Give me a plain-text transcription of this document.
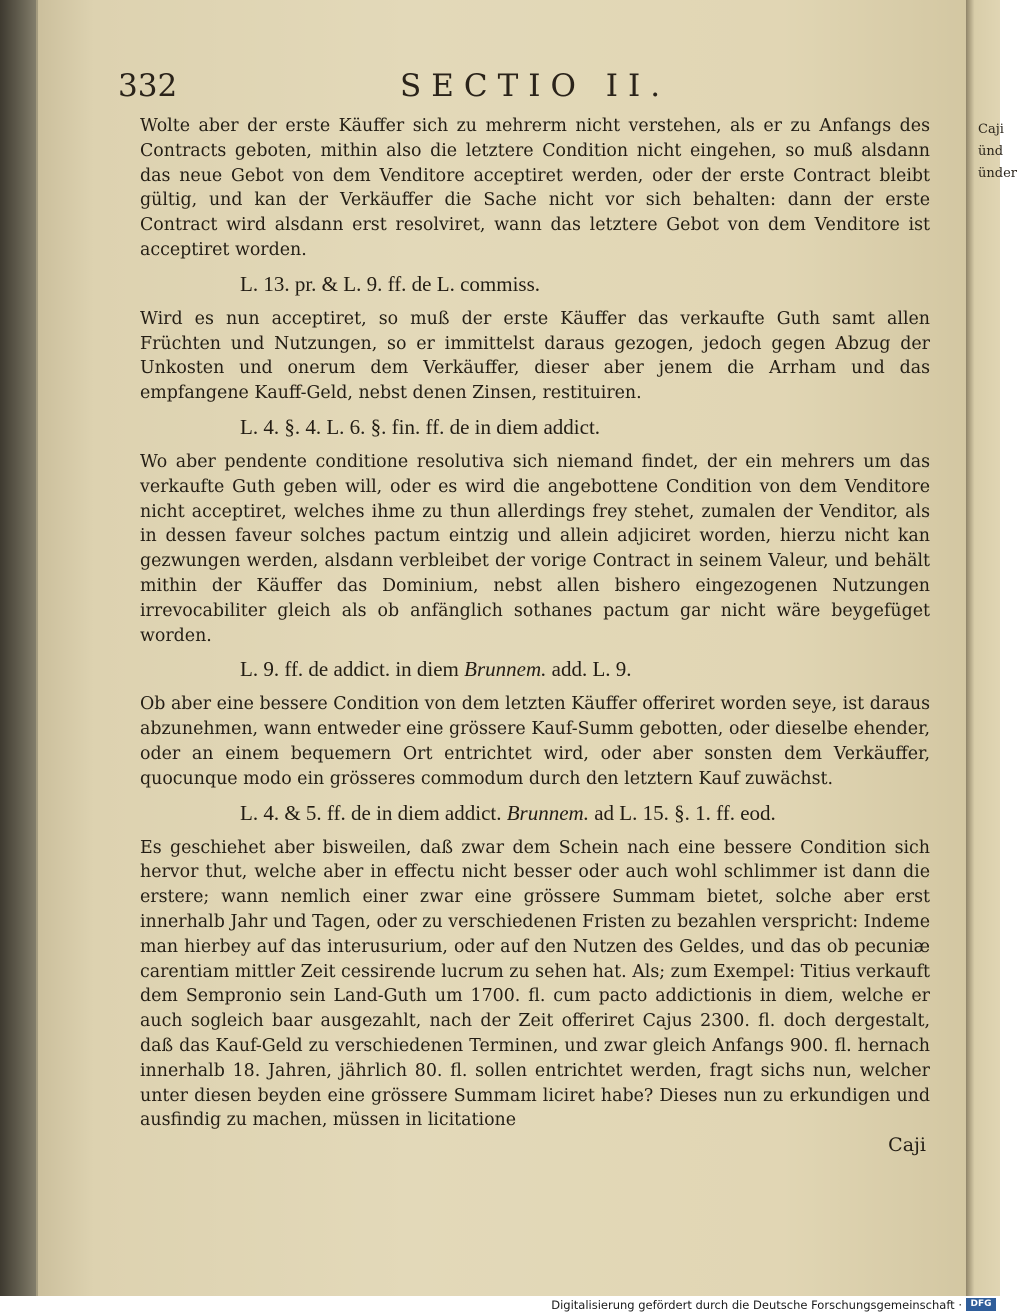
Caji
ünd
ünder
332	SECTIO II.

Wolte aber der erste Käuffer sich zu mehrerm nicht verstehen, als er zu Anfangs des Contracts geboten, mithin also die letztere Condition nicht eingehen, so muß alsdann das neue Gebot von dem Venditore acceptiret werden, oder der erste Contract bleibt gültig, und kan der Verkäuffer die Sache nicht vor sich behalten: dann der erste Contract wird alsdann erst resolviret, wann das letztere Gebot von dem Venditore ist acceptiret worden.

L. 13. pr. & L. 9. ff. de L. commiss.

Wird es nun acceptiret, so muß der erste Käuffer das verkaufte Guth samt allen Früchten und Nutzungen, so er immittelst daraus gezogen, jedoch gegen Abzug der Unkosten und onerum dem Verkäuffer, dieser aber jenem die Arrham und das empfangene Kauff-Geld, nebst denen Zinsen, restituiren.

L. 4. §. 4. L. 6. §. fin. ff. de in diem addict.

Wo aber pendente conditione resolutiva sich niemand findet, der ein mehrers um das verkaufte Guth geben will, oder es wird die angebottene Condition von dem Venditore nicht acceptiret, welches ihme zu thun allerdings frey stehet, zumalen der Venditor, als in dessen faveur solches pactum eintzig und allein adjiciret worden, hierzu nicht kan gezwungen werden, alsdann verbleibet der vorige Contract in seinem Valeur, und behält mithin der Käuffer das Dominium, nebst allen bishero eingezogenen Nutzungen irrevocabiliter gleich als ob anfänglich sothanes pactum gar nicht wäre beygefüget worden.

L. 9. ff. de addict. in diem Brunnem. add. L. 9.

Ob aber eine bessere Condition von dem letzten Käuffer offeriret worden seye, ist daraus abzunehmen, wann entweder eine grössere Kauf-Summ gebotten, oder dieselbe ehender, oder an einem bequemern Ort entrichtet wird, oder aber sonsten dem Verkäuffer, quocunque modo ein grösseres commodum durch den letztern Kauf zuwächst.

L. 4. & 5. ff. de in diem addict. Brunnem. ad L. 15. §. 1. ff. eod.

Es geschiehet aber bisweilen, daß zwar dem Schein nach eine bessere Condition sich hervor thut, welche aber in effectu nicht besser oder auch wohl schlimmer ist dann die erstere; wann nemlich einer zwar eine grössere Summam bietet, solche aber erst innerhalb Jahr und Tagen, oder zu verschiedenen Fristen zu bezahlen verspricht: Indeme man hierbey auf das interusurium, oder auf den Nutzen des Geldes, und das ob pecuniæ carentiam mittler Zeit cessirende lucrum zu sehen hat. Als; zum Exempel: Titius verkauft dem Sempronio sein Land-Guth um 1700. fl. cum pacto addictionis in diem, welche er auch sogleich baar ausgezahlt, nach der Zeit offeriret Cajus 2300. fl. doch dergestalt, daß das Kauf-Geld zu verschiedenen Terminen, und zwar gleich Anfangs 900. fl. hernach innerhalb 18. Jahren, jährlich 80. fl. sollen entrichtet werden, fragt sichs nun, welcher unter diesen beyden eine grössere Summam liciret habe? Dieses nun zu erkundigen und ausfindig zu machen, müssen in licitatione

Caji
Digitalisierung gefördert durch die Deutsche Forschungsgemeinschaft · DFG
